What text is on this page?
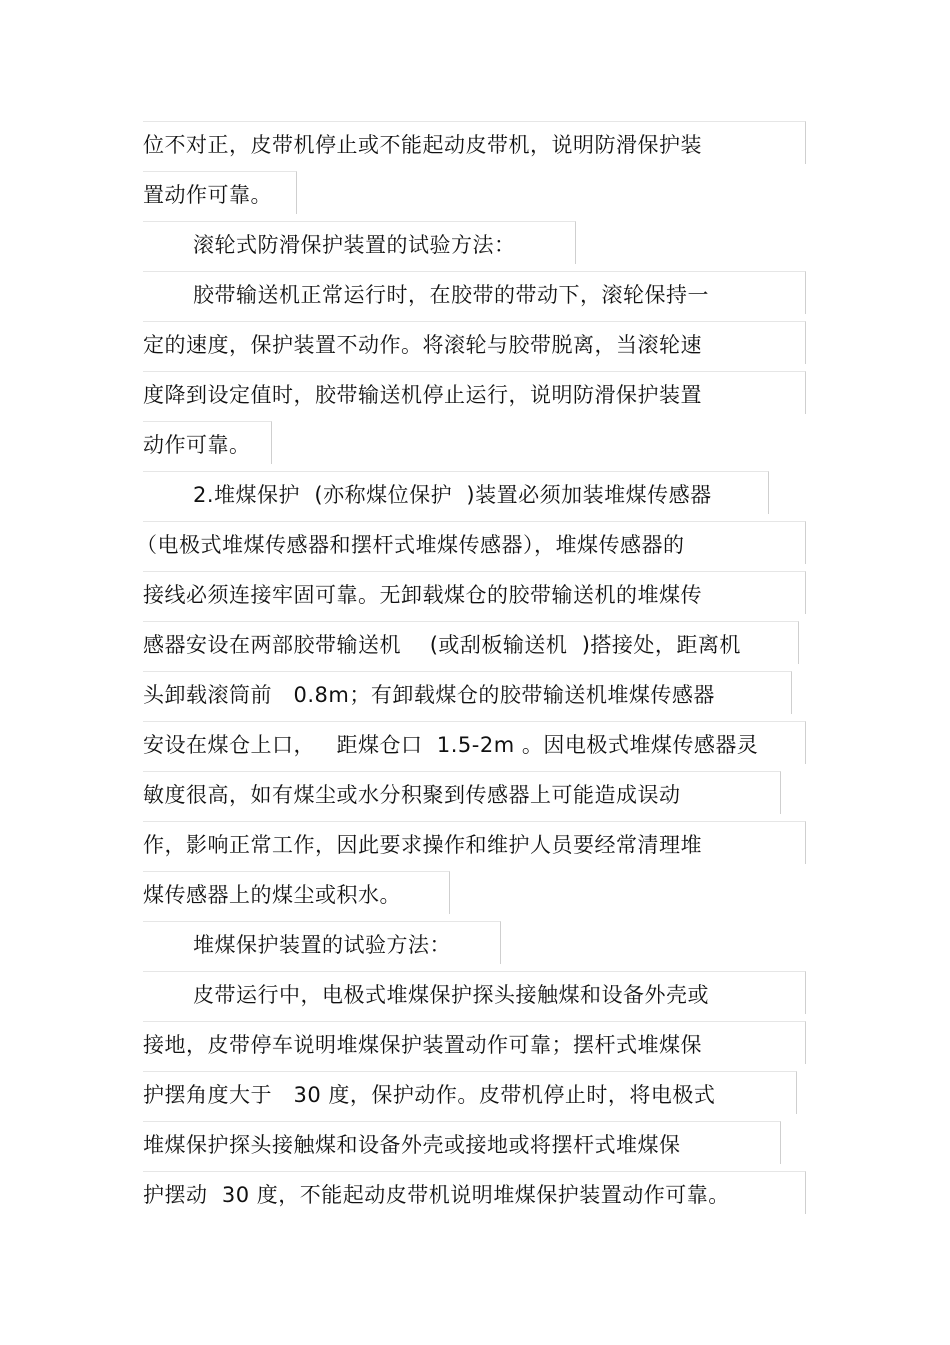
位不对正，皮带机停止或不能起动皮带机，说明防滑保护装
置动作可靠。
滚轮式防滑保护装置的试验方法：
胶带输送机正常运行时，在胶带的带动下，滚轮保持一
定的速度，保护装置不动作。将滚轮与胶带脱离，当滚轮速
度降到设定值时，胶带输送机停止运行，说明防滑保护装置
动作可靠。
2.堆煤保护  (亦称煤位保护  )装置必须加装堆煤传感器
（电极式堆煤传感器和摆杆式堆煤传感器），堆煤传感器的
接线必须连接牢固可靠。无卸载煤仓的胶带输送机的堆煤传
感器安设在两部胶带输送机    (或刮板输送机  )搭接处，距离机
头卸载滚筒前   0.8m；有卸载煤仓的胶带输送机堆煤传感器
安设在煤仓上口，   距煤仓口  1.5-2m 。因电极式堆煤传感器灵
敏度很高，如有煤尘或水分积聚到传感器上可能造成误动
作，影响正常工作，因此要求操作和维护人员要经常清理堆
煤传感器上的煤尘或积水。
堆煤保护装置的试验方法：
皮带运行中，电极式堆煤保护探头接触煤和设备外壳或
接地，皮带停车说明堆煤保护装置动作可靠；摆杆式堆煤保
护摆角度大于   30 度，保护动作。皮带机停止时，将电极式
堆煤保护探头接触煤和设备外壳或接地或将摆杆式堆煤保
护摆动  30 度，不能起动皮带机说明堆煤保护装置动作可靠。
